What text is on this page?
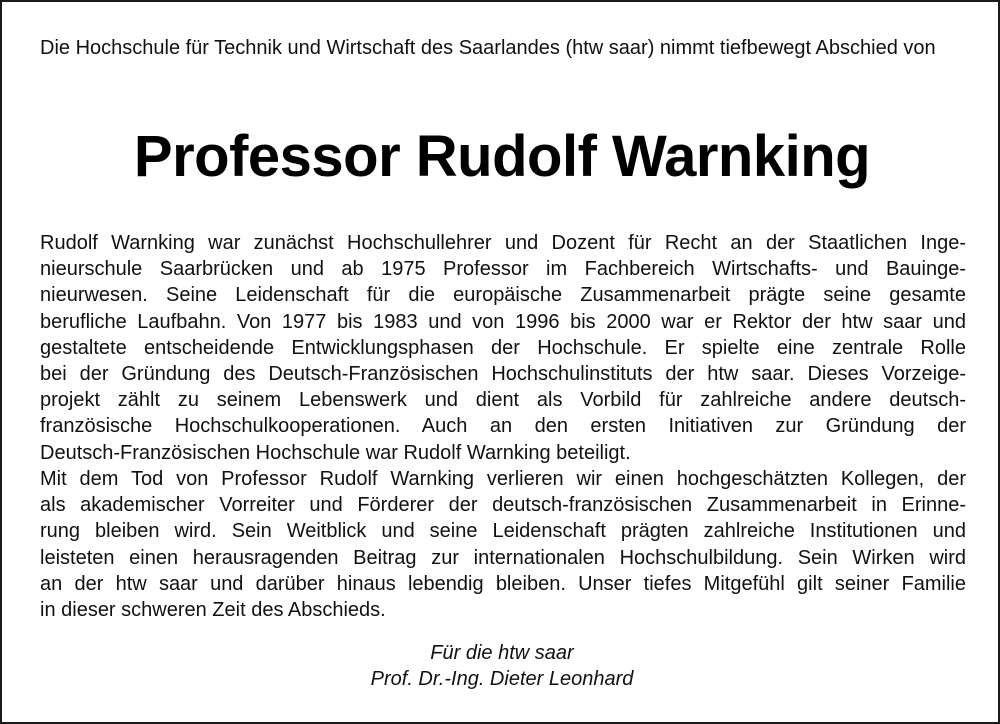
Die Hochschule für Technik und Wirtschaft des Saarlandes (htw saar) nimmt tiefbewegt Abschied von

Professor Rudolf Warnking
Rudolf Warnking war zunächst Hochschullehrer und Dozent für Recht an der Staatlichen Inge-
nieurschule Saarbrücken und ab 1975 Professor im Fachbereich Wirtschafts- und Bauinge-
nieurwesen. Seine Leidenschaft für die europäische Zusammenarbeit prägte seine gesamte
berufliche Laufbahn. Von 1977 bis 1983 und von 1996 bis 2000 war er Rektor der htw saar und
gestaltete entscheidende Entwicklungsphasen der Hochschule. Er spielte eine zentrale Rolle
bei der Gründung des Deutsch-Französischen Hochschulinstituts der htw saar. Dieses Vorzeige-
projekt zählt zu seinem Lebenswerk und dient als Vorbild für zahlreiche andere deutsch-
französische Hochschulkooperationen. Auch an den ersten Initiativen zur Gründung der
Deutsch-Französischen Hochschule war Rudolf Warnking beteiligt.
Mit dem Tod von Professor Rudolf Warnking verlieren wir einen hochgeschätzten Kollegen, der
als akademischer Vorreiter und Förderer der deutsch-französischen Zusammenarbeit in Erinne-
rung bleiben wird. Sein Weitblick und seine Leidenschaft prägten zahlreiche Institutionen und
leisteten einen herausragenden Beitrag zur internationalen Hochschulbildung. Sein Wirken wird
an der htw saar und darüber hinaus lebendig bleiben. Unser tiefes Mitgefühl gilt seiner Familie
in dieser schweren Zeit des Abschieds.
Für die htw saar
Prof. Dr.-Ing. Dieter Leonhard
